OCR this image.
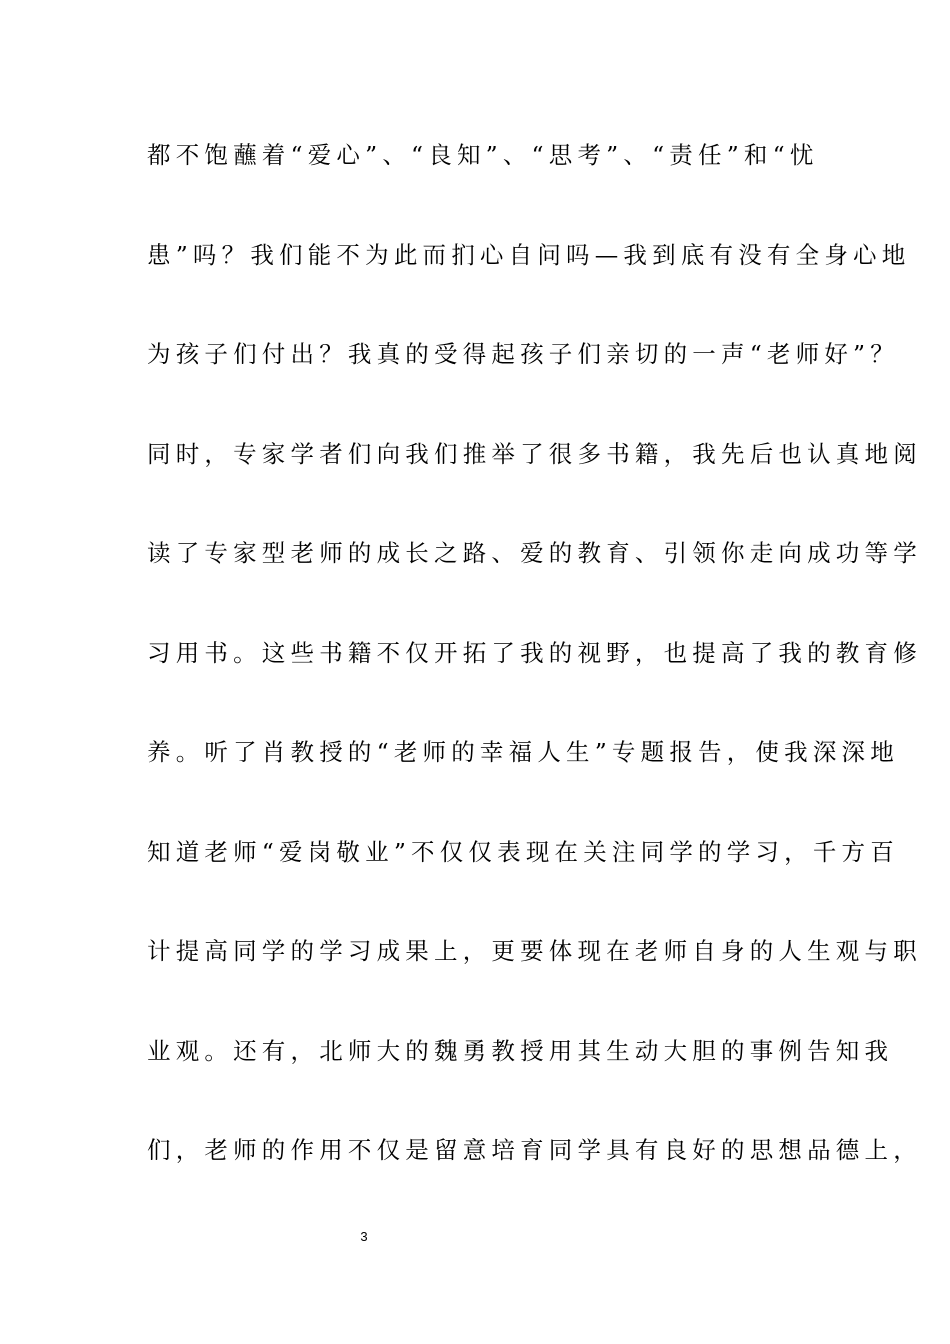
都不饱蘸着“爱心”、“良知”、“思考”、“责任”和“忧
患”吗？我们能不为此而扪心自问吗—我到底有没有全身心地
为孩子们付出？我真的受得起孩子们亲切的一声“老师好”？
同时，专家学者们向我们推举了很多书籍，我先后也认真地阅
读了专家型老师的成长之路、爱的教育、引领你走向成功等学
习用书。这些书籍不仅开拓了我的视野，也提高了我的教育修
养。听了肖教授的“老师的幸福人生”专题报告，使我深深地
知道老师“爱岗敬业”不仅仅表现在关注同学的学习，千方百
计提高同学的学习成果上，更要体现在老师自身的人生观与职
业观。还有，北师大的魏勇教授用其生动大胆的事例告知我
们，老师的作用不仅是留意培育同学具有良好的思想品德上，
3
